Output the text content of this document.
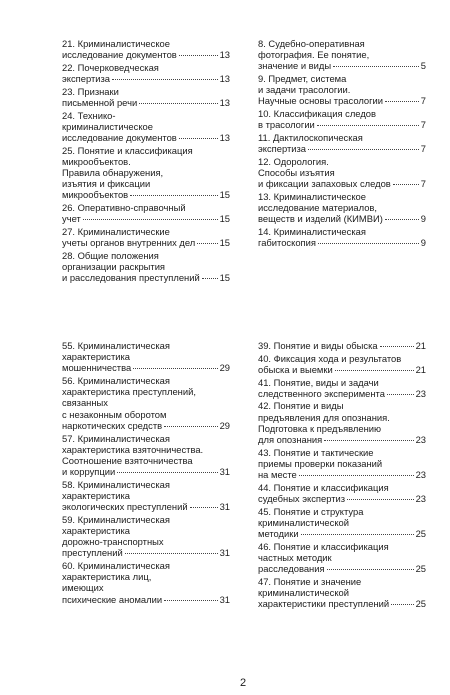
21. Криминалистическое
исследование документов	13
22. Почерковедческая
экспертиза	13
23. Признаки
письменной речи	13
24. Технико-
криминалистическое
исследование документов	13
25. Понятие и классификация
микрообъектов.
Правила обнаружения,
изъятия и фиксации
микрообъектов	15
26. Оперативно-справочный
учет	15
27. Криминалистические
учеты органов внутренних дел	15
28. Общие положения
организации раскрытия
и расследования преступлений 15
8. Судебно-оперативная
фотография. Ее понятие,
значение и виды	5
9. Предмет, система
и задачи трасологии.
Научные основы трасологии	7
10. Классификация следов
в трасологии	7
11. Дактилоскопическая
экспертиза	7
12. Одорология.
Способы изъятия
и фиксации запаховых следов	7
13. Криминалистическое
исследование материалов,
веществ и изделий (КИМВИ)	9
14. Криминалистическая
габитоскопия	9
55. Криминалистическая
характеристика
мошенничества	29
56. Криминалистическая
характеристика преступлений,
связанных
с незаконным оборотом
наркотических средств	29
57. Криминалистическая
характеристика взяточничества.
Соотношение взяточничества
и коррупции	31
58. Криминалистическая
характеристика
экологических преступлений	31
59. Криминалистическая
характеристика
дорожно-транспортных
преступлений	31
60. Криминалистическая
характеристика лиц,
имеющих
психические аномалии	31
39. Понятие и виды обыска	21
40. Фиксация хода и результатов
обыска и выемки	21
41. Понятие, виды и задачи
следственного эксперимента	23
42. Понятие и виды
предъявления для опознания.
Подготовка к предъявлению
для опознания	23
43. Понятие и тактические
приемы проверки показаний
на месте	23
44. Понятие и классификация
судебных экспертиз	23
45. Понятие и структура
криминалистической
методики	25
46. Понятие и классификация
частных методик
расследования	25
47. Понятие и значение
криминалистической
характеристики преступлений	25
2
